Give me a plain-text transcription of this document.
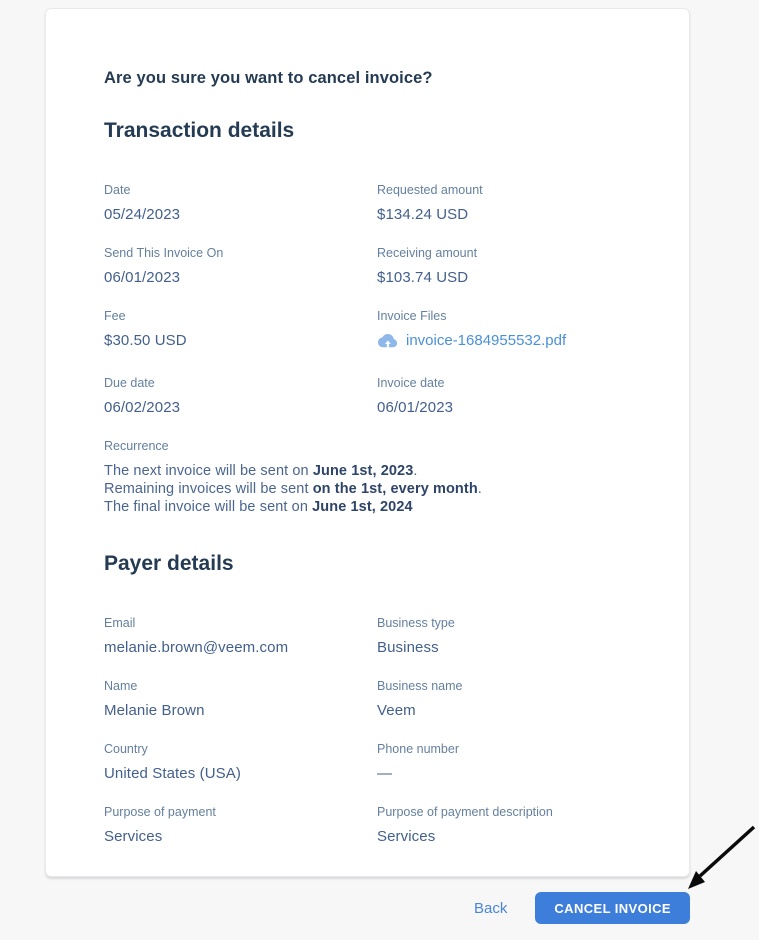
Are you sure you want to cancel invoice?
Transaction details
Date
05/24/2023
Requested amount
$134.24 USD
Send This Invoice On
06/01/2023
Receiving amount
$103.74 USD
Fee
$30.50 USD
Invoice Files
invoice-1684955532.pdf
Due date
06/02/2023
Invoice date
06/01/2023
Recurrence
The next invoice will be sent on June 1st, 2023.
Remaining invoices will be sent on the 1st, every month.
The final invoice will be sent on June 1st, 2024
Payer details
Email
melanie.brown@veem.com
Business type
Business
Name
Melanie Brown
Business name
Veem
Country
United States (USA)
Phone number
—
Purpose of payment
Services
Purpose of payment description
Services
Back	CANCEL INVOICE
